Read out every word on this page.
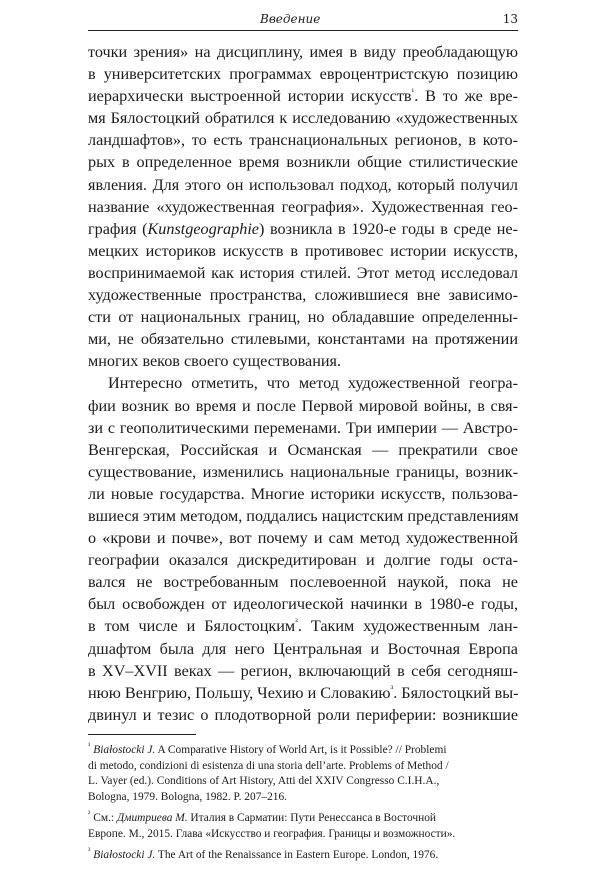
Введение	13

точки зрения» на дисциплину, имея в виду преобладающую
в университетских программах евроцентристскую позицию
иерархически выстроенной истории искусств$^{^1}$. В то же вре-
мя Бялостоцкий обратился к исследованию «художественных
ландшафтов», то есть транснациональных регионов, в кото-
рых в определенное время возникли общие стилистические
явления. Для этого он использовал подход, который получил
название «художественная география». Художественная гео-
графия (Kunstgeographie) возникла в 1920-е годы в среде не-
мецких историков искусств в противовес истории искусств,
воспринимаемой как история стилей. Этот метод исследовал
художественные пространства, сложившиеся вне зависимо-
сти от национальных границ, но обладавшие определенны-
ми, не обязательно стилевыми, константами на протяжении
многих веков своего существования.

Интересно отметить, что метод художественной геогра-
фии возник во время и после Первой мировой войны, в свя-
зи с геополитическими переменами. Три империи — Австро-
Венгерская, Российская и Османская — прекратили свое
существование, изменились национальные границы, возник-
ли новые государства. Многие историки искусств, пользова-
вшиеся этим методом, поддались нацистским представлениям
о «крови и почве», вот почему и сам метод художественной
географии оказался дискредитирован и долгие годы оста-
вался не востребованным послевоенной наукой, пока не
был освобожден от идеологической начинки в 1980-е годы,
в том числе и Бялостоцким$^{^2}$. Таким художественным лан-
дшафтом была для него Центральная и Восточная Европа
в XV–XVII веках — регион, включающий в себя сегодняш-
нюю Венгрию, Польшу, Чехию и Словакию$^{^3}$. Бялостоцкий вы-
двинул и тезис о плодотворной роли периферии: возникшие

$^{^1}$ Białostocki J. A Comparative History of World Art, is it Possible? // Problemi
di metodo, condizioni di esistenza di una storia dell’arte. Problems of Method /
L. Vayer (ed.). Conditions of Art History, Atti del XXIV Congresso C.I.H.A.,
Bologna, 1979. Bologna, 1982. P. 207–216.

$^{^2}$ См.: Дмитриева М. Италия в Сарматии: Пути Ренессанса в Восточной
Европе. М., 2015. Глава «Искусство и география. Границы и возможности».

$^{^3}$ Białostocki J. The Art of the Renaissance in Eastern Europe. London, 1976.
